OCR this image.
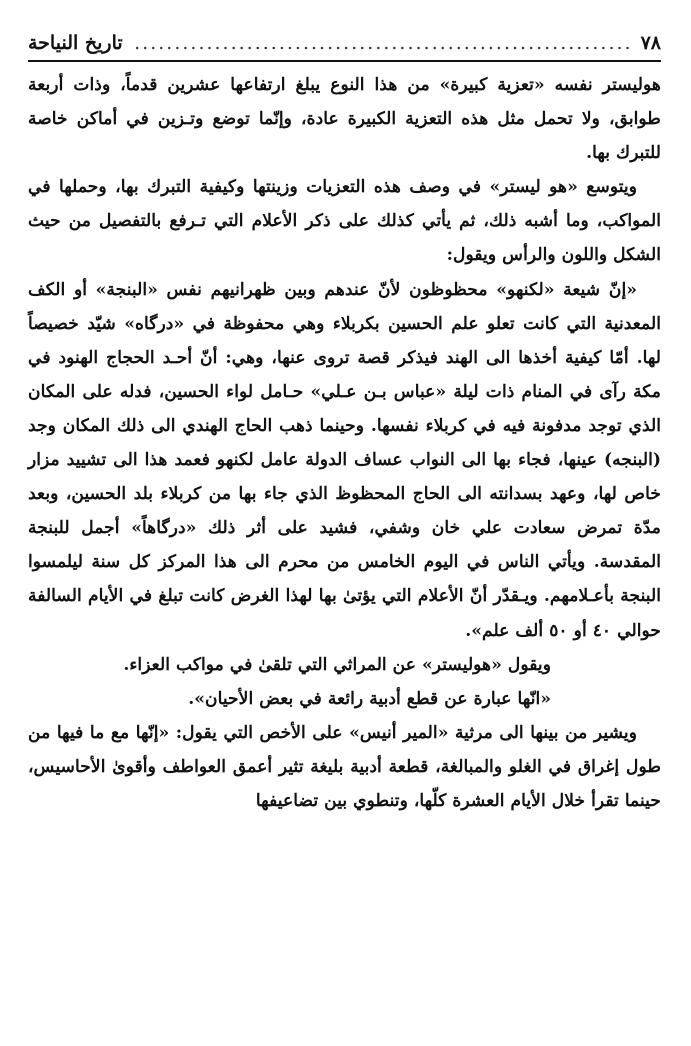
٧٨
.....
تاريخ النياحة

هوليستر نفسه «تعزية كبيرة» من هذا النوع يبلغ ارتفاعها عشرين قدماً، وذات أربعة طوابق، ولا تحمل مثل هذه التعزية الكبيرة عادة، وإنّما توضع وتـزين في أماكن خاصة للتبرك بها.

ويتوسع «هو ليستر» في وصف هذه التعزيات وزينتها وكيفية التبرك بها، وحملها في المواكب، وما أشبه ذلك، ثم يأتي كذلك على ذكر الأعلام التي تـرفع بالتفصيل من حيث الشكل واللون والرأس ويقول:

«إنّ شيعة «لكنهو» محظوظون لأنّ عندهم وبين ظهرانيهم نفس «البنجة» أو الكف المعدنية التي كانت تعلو علم الحسين بكربلاء وهي محفوظة في «درگاه» شيّد خصيصاً لها. أمّا كيفية أخذها الى الهند فيذكر قصة تروى عنها، وهي: أنّ أحـد الحجاج الهنود في مكة رآى في المنام ذات ليلة «عباس بـن عـلي» حـامل لواء الحسين، فدله على المكان الذي توجد مدفونة فيه في كربلاء نفسها. وحينما ذهب الحاج الهندي الى ذلك المكان وجد (البنجه) عينها، فجاء بها الى النواب عساف الدولة عامل لكنهو فعمد هذا الى تشييد مزار خاص لها، وعهد بسدانته الى الحاج المحظوظ الذي جاء بها من كربلاء بلد الحسين، وبعد مدّة تمرض سعادت علي خان وشفي، فشيد على أثر ذلك «درگاهاً» أجمل للبنجة المقدسة. ويأتي الناس في اليوم الخامس من محرم الى هذا المركز كل سنة ليلمسوا البنجة بأعـلامهم. ويـقدّر أنّ الأعلام التي يؤتىٰ بها لهذا الغرض كانت تبلغ في الأيام السالفة حوالي ٤٠ أو ٥٠ ألف علم».

ويقول «هوليستر» عن المراثي التي تلقىٰ في مواكب العزاء.

«انّها عبارة عن قطع أدبية رائعة في بعض الأحيان».

ويشير من بينها الى مرثية «المير أنيس» على الأخص التي يقول: «إنّها مع ما فيها من طول إغراق في الغلو والمبالغة، قطعة أدبية بليغة تثير أعمق العواطف وأقوىٰ الأحاسيس، حينما تقرأ خلال الأيام العشرة كلّها، وتنطوي بين تضاعيفها
